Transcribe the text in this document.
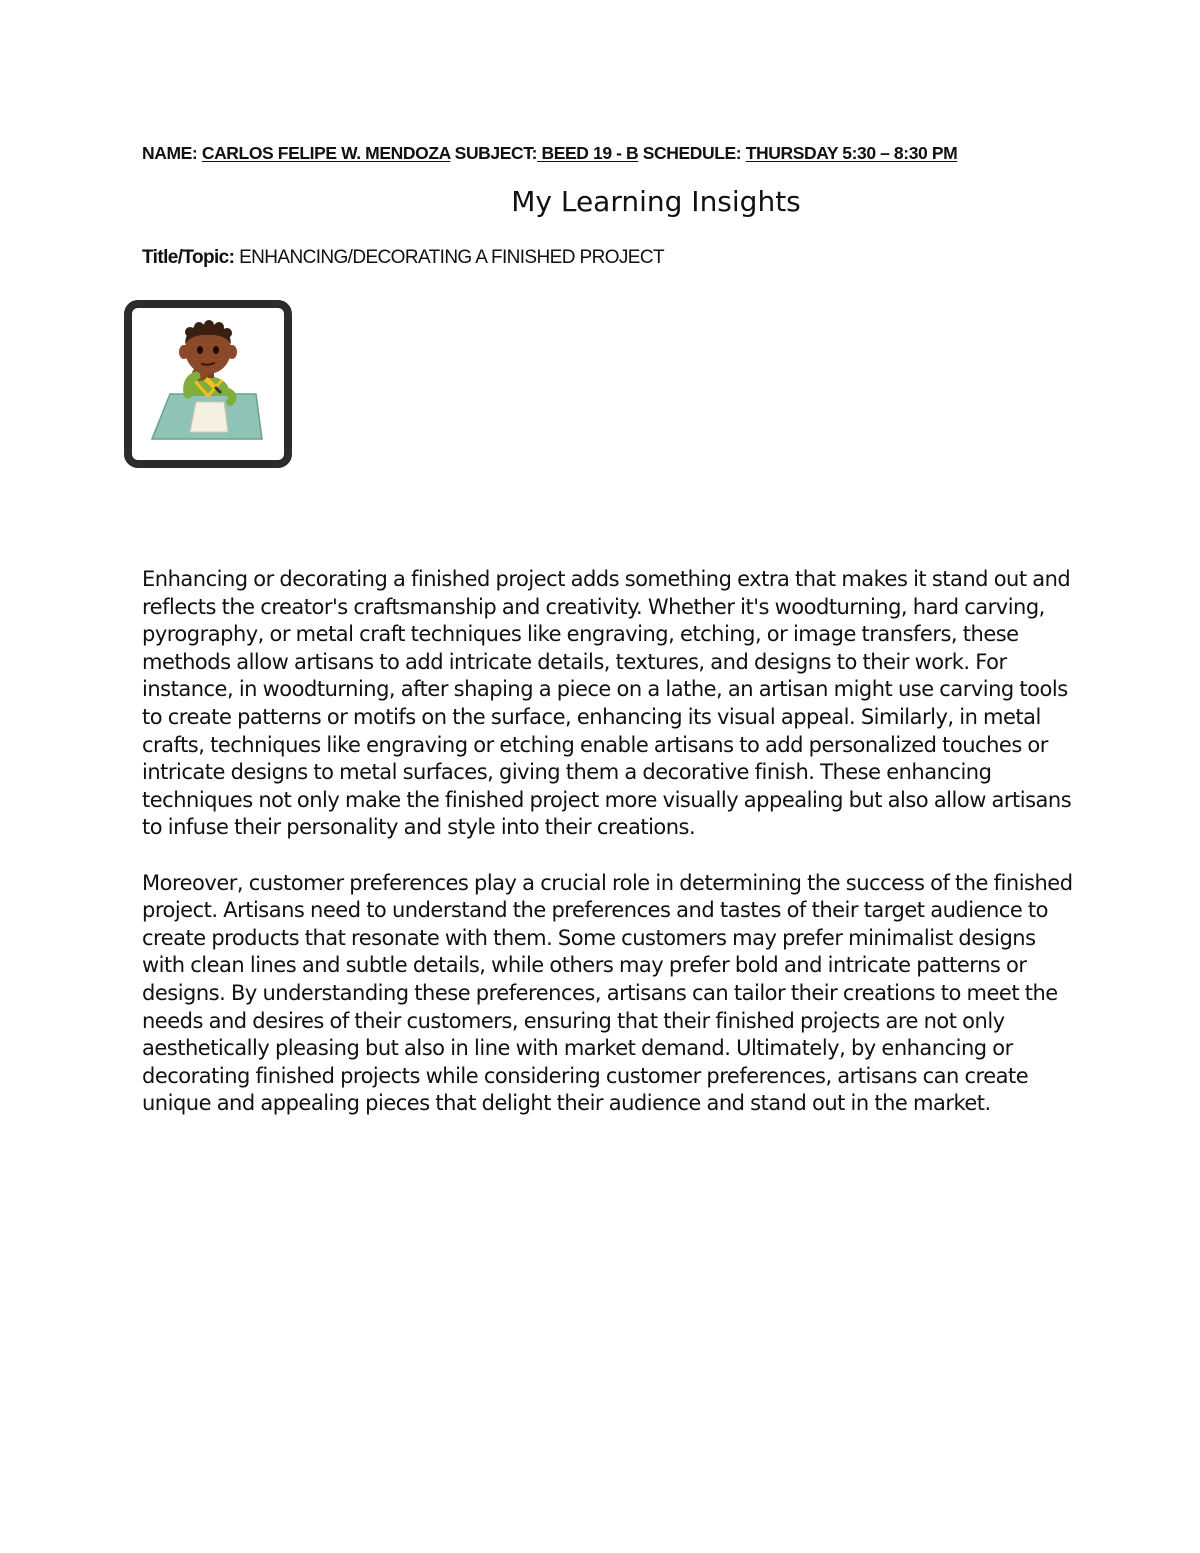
NAME: CARLOS FELIPE W. MENDOZA SUBJECT: BEED 19 - B SCHEDULE: THURSDAY 5:30 – 8:30 PM
My Learning Insights
Title/Topic: ENHANCING/DECORATING A FINISHED PROJECT

Enhancing or decorating a finished project adds something extra that makes it stand out and reflects the creator's craftsmanship and creativity. Whether it's woodturning, hard carving, pyrography, or metal craft techniques like engraving, etching, or image transfers, these methods allow artisans to add intricate details, textures, and designs to their work. For instance, in woodturning, after shaping a piece on a lathe, an artisan might use carving tools to create patterns or motifs on the surface, enhancing its visual appeal. Similarly, in metal crafts, techniques like engraving or etching enable artisans to add personalized touches or intricate designs to metal surfaces, giving them a decorative finish. These enhancing techniques not only make the finished project more visually appealing but also allow artisans to infuse their personality and style into their creations.

Moreover, customer preferences play a crucial role in determining the success of the finished project. Artisans need to understand the preferences and tastes of their target audience to create products that resonate with them. Some customers may prefer minimalist designs with clean lines and subtle details, while others may prefer bold and intricate patterns or designs. By understanding these preferences, artisans can tailor their creations to meet the needs and desires of their customers, ensuring that their finished projects are not only aesthetically pleasing but also in line with market demand. Ultimately, by enhancing or decorating finished projects while considering customer preferences, artisans can create unique and appealing pieces that delight their audience and stand out in the market.
